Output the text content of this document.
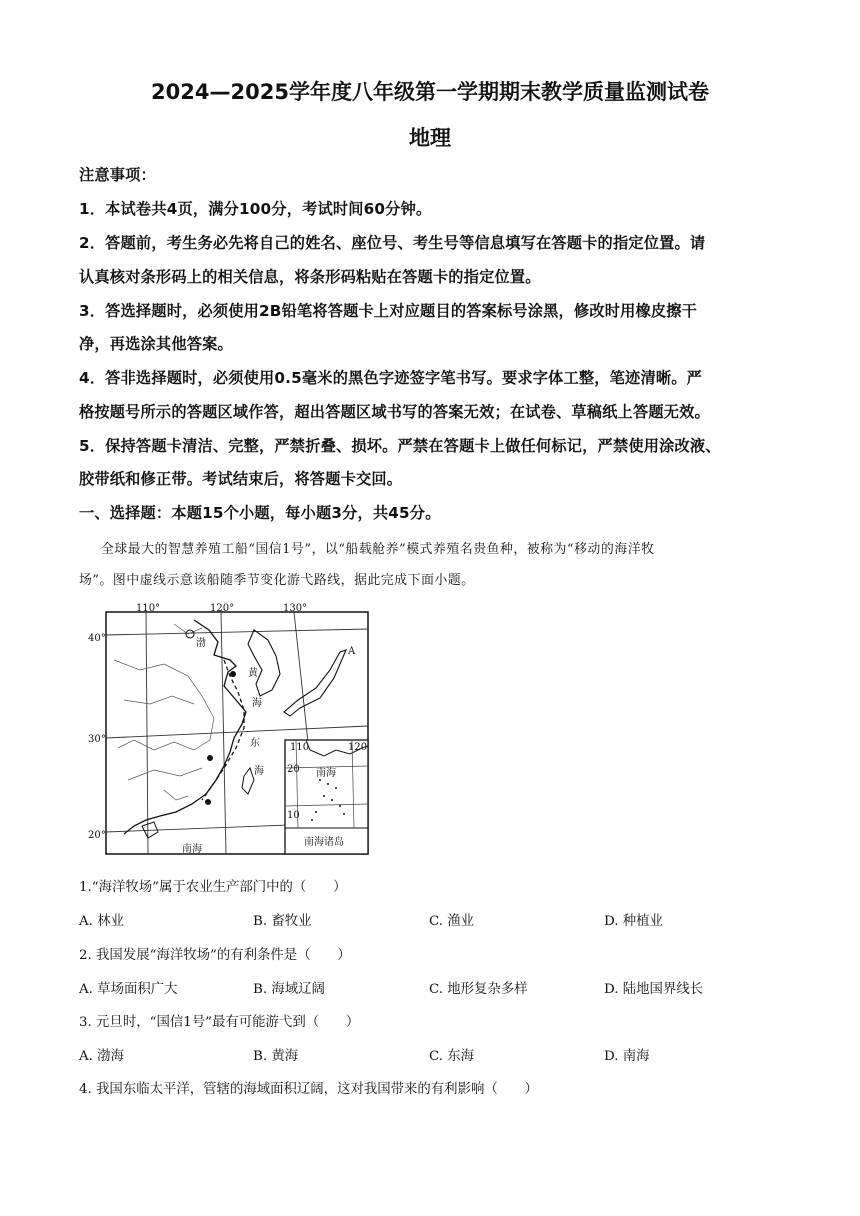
2024—2025学年度八年级第一学期期末教学质量监测试卷
地理
注意事项：
1．本试卷共4页，满分100分，考试时间60分钟。
2．答题前，考生务必先将自己的姓名、座位号、考生号等信息填写在答题卡的指定位置。请
认真核对条形码上的相关信息，将条形码粘贴在答题卡的指定位置。
3．答选择题时，必须使用2B铅笔将答题卡上对应题目的答案标号涂黑，修改时用橡皮擦干
净，再选涂其他答案。
4．答非选择题时，必须使用0.5毫米的黑色字迹签字笔书写。要求字体工整，笔迹清晰。严
格按题号所示的答题区域作答，超出答题区域书写的答案无效；在试卷、草稿纸上答题无效。
5．保持答题卡清洁、完整，严禁折叠、损坏。严禁在答题卡上做任何标记，严禁使用涂改液、
胶带纸和修正带。考试结束后，将答题卡交回。
一、选择题：本题15个小题，每小题3分，共45分。
全球最大的智慧养殖工船“国信1号”，以“船载舱养”模式养殖名贵鱼种，被称为“移动的海洋牧
场”。图中虚线示意该船随季节变化游弋路线，据此完成下面小题。
110°	120°	130°
40°
30°
20°
黄
海
东
海
南海
A
渤
110	120
20
10
南海
南海诸岛
1.“海洋牧场”属于农业生产部门中的（　　）
A. 林业	B. 畜牧业	C. 渔业	D. 种植业
2. 我国发展“海洋牧场”的有利条件是（　　）
A. 草场面积广大	B. 海域辽阔	C. 地形复杂多样	D. 陆地国界线长
3. 元旦时，“国信1号”最有可能游弋到（　　）
A. 渤海	B. 黄海	C. 东海	D. 南海
4. 我国东临太平洋，管辖的海域面积辽阔，这对我国带来的有利影响（　　）
